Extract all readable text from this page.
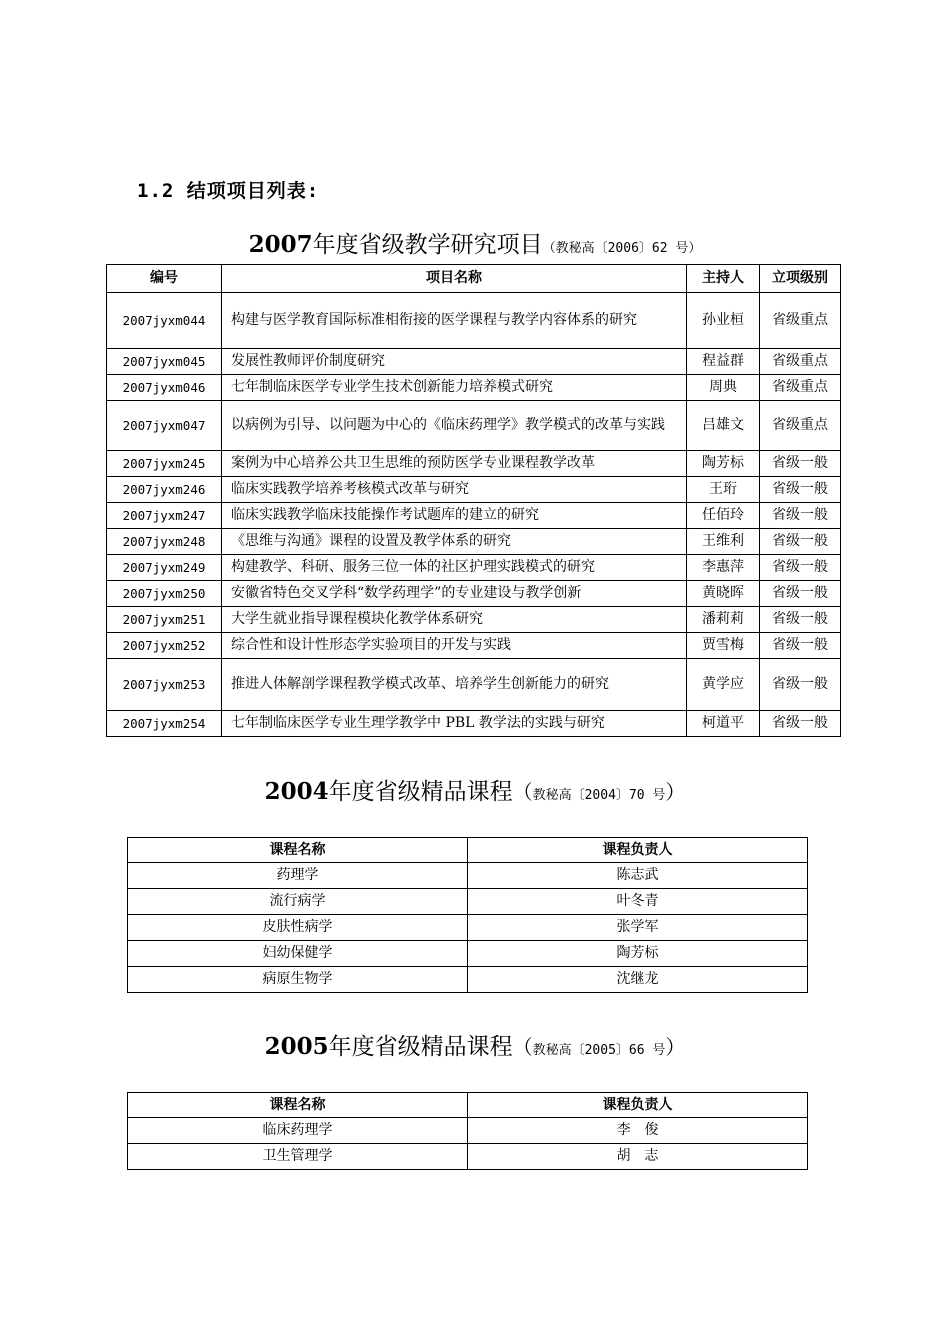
1.2 结项项目列表:
2007年度省级教学研究项目（教秘高〔2006〕62 号）
编号	项目名称	主持人	立项级别
2007jyxm044	构建与医学教育国际标准相衔接的医学课程与教学内容体系的研究	孙业桓	省级重点
2007jyxm045	发展性教师评价制度研究	程益群	省级重点
2007jyxm046	七年制临床医学专业学生技术创新能力培养模式研究	周典	省级重点
2007jyxm047	以病例为引导、以问题为中心的《临床药理学》教学模式的改革与实践	吕雄文	省级重点
2007jyxm245	案例为中心培养公共卫生思维的预防医学专业课程教学改革	陶芳标	省级一般
2007jyxm246	临床实践教学培养考核模式改革与研究	王珩	省级一般
2007jyxm247	临床实践教学临床技能操作考试题库的建立的研究	任佰玲	省级一般
2007jyxm248	《思维与沟通》课程的设置及教学体系的研究	王维利	省级一般
2007jyxm249	构建教学、科研、服务三位一体的社区护理实践模式的研究	李惠萍	省级一般
2007jyxm250	安徽省特色交叉学科“数学药理学”的专业建设与教学创新	黄晓晖	省级一般
2007jyxm251	大学生就业指导课程模块化教学体系研究	潘莉莉	省级一般
2007jyxm252	综合性和设计性形态学实验项目的开发与实践	贾雪梅	省级一般
2007jyxm253	推进人体解剖学课程教学模式改革、培养学生创新能力的研究	黄学应	省级一般
2007jyxm254	七年制临床医学专业生理学教学中 PBL 教学法的实践与研究	柯道平	省级一般
2004年度省级精品课程（教秘高〔2004〕70 号）
课程名称	课程负责人
药理学	陈志武
流行病学	叶冬青
皮肤性病学	张学军
妇幼保健学	陶芳标
病原生物学	沈继龙
2005年度省级精品课程（教秘高〔2005〕66 号）
课程名称	课程负责人
临床药理学	李　俊
卫生管理学	胡　志
